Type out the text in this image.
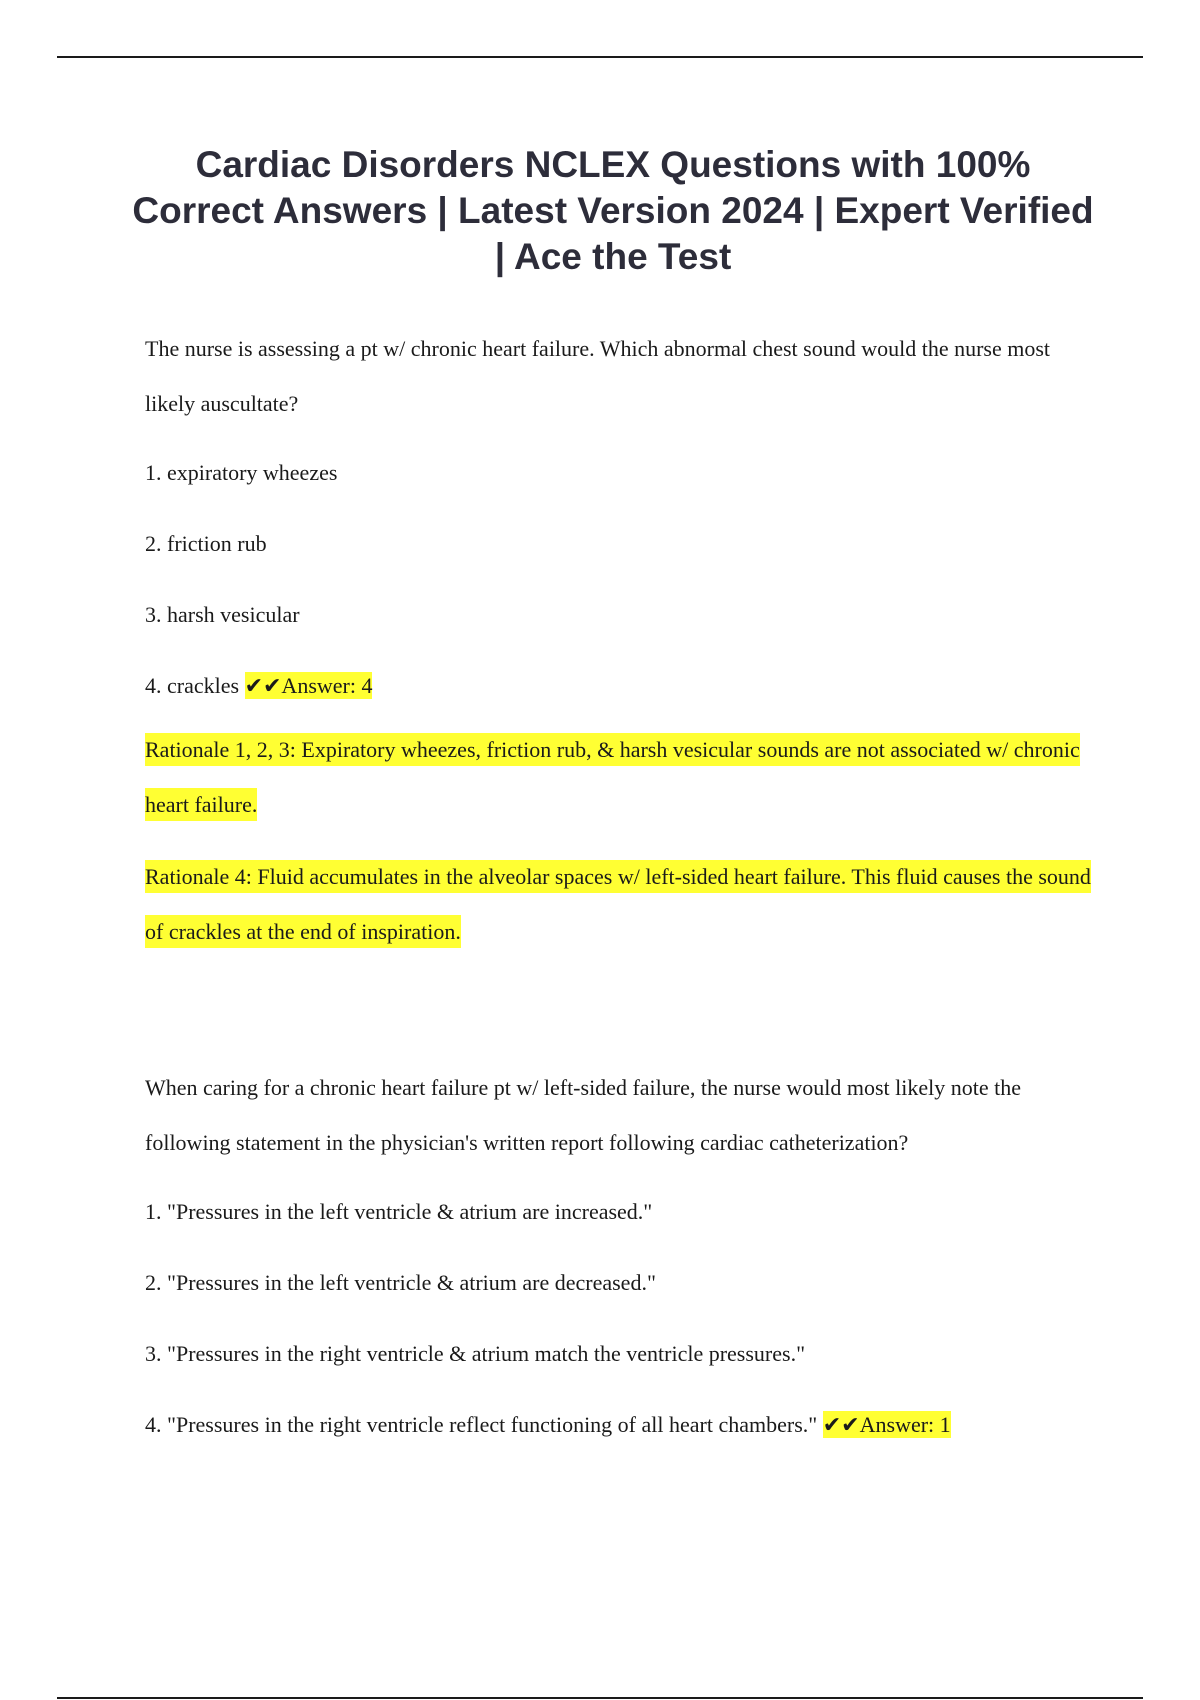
Cardiac Disorders NCLEX Questions with 100% Correct Answers | Latest Version 2024 | Expert Verified | Ace the Test

The nurse is assessing a pt w/ chronic heart failure. Which abnormal chest sound would the nurse most likely auscultate?

1. expiratory wheezes

2. friction rub

3. harsh vesicular

4. crackles ✔✔Answer: 4

Rationale 1, 2, 3: Expiratory wheezes, friction rub, & harsh vesicular sounds are not associated w/ chronic heart failure.

Rationale 4: Fluid accumulates in the alveolar spaces w/ left-sided heart failure. This fluid causes the sound of crackles at the end of inspiration.

When caring for a chronic heart failure pt w/ left-sided failure, the nurse would most likely note the following statement in the physician's written report following cardiac catheterization?

1. "Pressures in the left ventricle & atrium are increased."

2. "Pressures in the left ventricle & atrium are decreased."

3. "Pressures in the right ventricle & atrium match the ventricle pressures."

4. "Pressures in the right ventricle reflect functioning of all heart chambers." ✔✔Answer: 1
